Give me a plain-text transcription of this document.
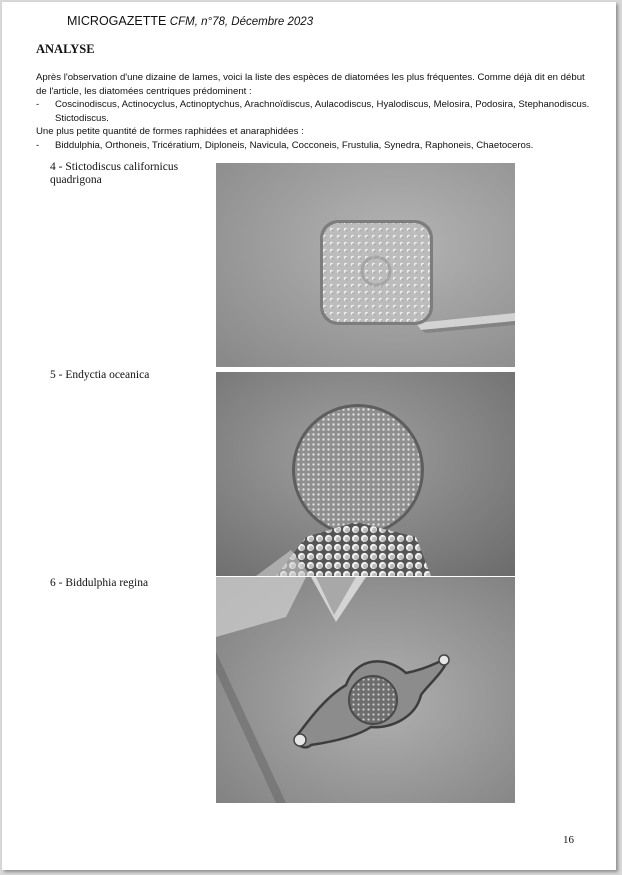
MICROGAZETTE CFM, n°78, Décembre 2023
ANALYSE

Après l'observation d'une dizaine de lames, voici la liste des espèces de diatomées les plus fréquentes. Comme déjà dit en début de l'article, les diatomées centriques prédominent :

- Coscinodiscus, Actinocyclus, Actinoptychus, Arachnoïdiscus, Aulacodiscus, Hyalodiscus, Melosira, Podosira, Stephanodiscus. Stictodiscus.

Une plus petite quantité de formes raphidées et anaraphidées :

- Biddulphia, Orthoneis, Tricératium, Diploneis, Navicula, Cocconeis, Frustulia, Synedra, Raphoneis, Chaetoceros.

4 - Stictodiscus californicus quadrigona
5 - Endyctia oceanica
6 - Biddulphia regina
16
